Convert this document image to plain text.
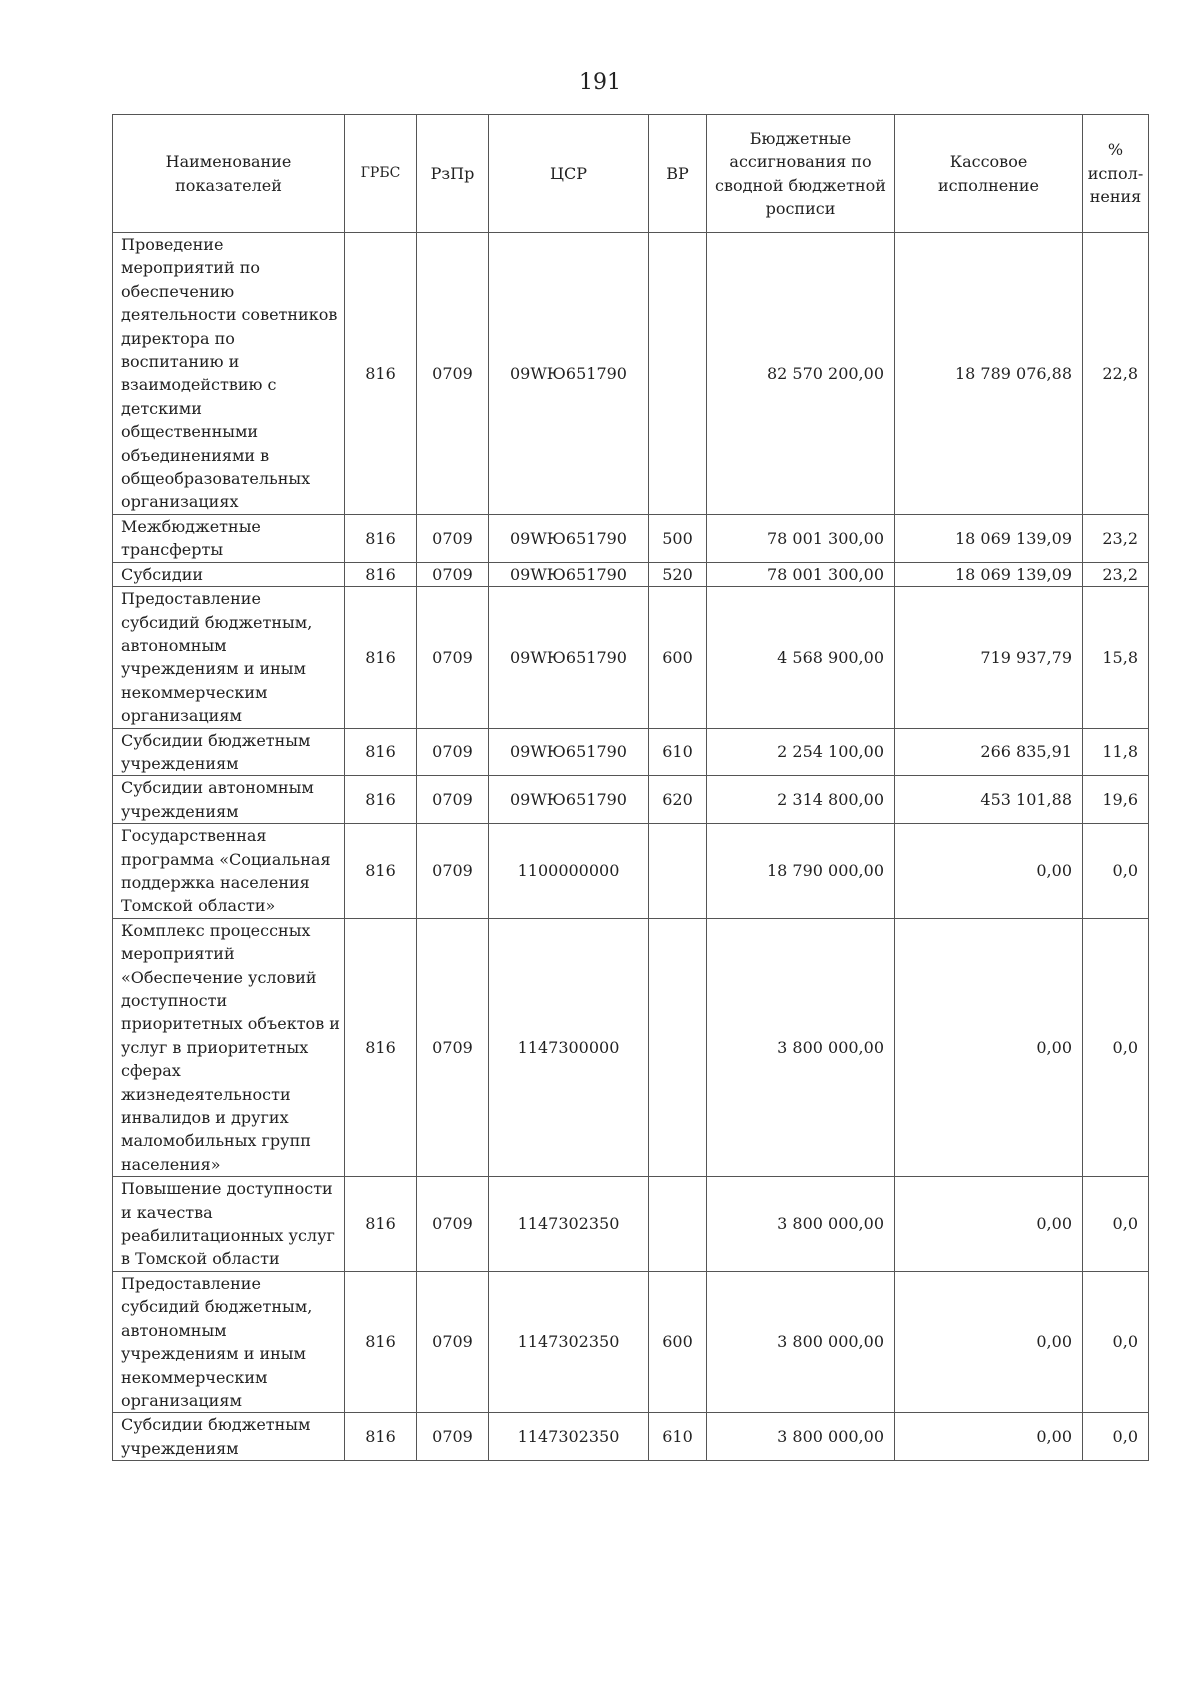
191
Наименование показателей	ГРБС	РзПр	ЦСР	ВР	Бюджетные ассигнования по сводной бюджетной росписи	Кассовое исполнение	% испол-нения
Проведение мероприятий по обеспечению деятельности советников директора по воспитанию и взаимодействию с детскими общественными объединениями в общеобразовательных организациях	816	0709	09WЮ651790		82 570 200,00	18 789 076,88	22,8
Межбюджетные трансферты	816	0709	09WЮ651790	500	78 001 300,00	18 069 139,09	23,2
Субсидии	816	0709	09WЮ651790	520	78 001 300,00	18 069 139,09	23,2
Предоставление субсидий бюджетным, автономным учреждениям и иным некоммерческим организациям	816	0709	09WЮ651790	600	4 568 900,00	719 937,79	15,8
Субсидии бюджетным учреждениям	816	0709	09WЮ651790	610	2 254 100,00	266 835,91	11,8
Субсидии автономным учреждениям	816	0709	09WЮ651790	620	2 314 800,00	453 101,88	19,6
Государственная программа «Социальная поддержка населения Томской области»	816	0709	1100000000		18 790 000,00	0,00	0,0
Комплекс процессных мероприятий «Обеспечение условий доступности приоритетных объектов и услуг в приоритетных сферах жизнедеятельности инвалидов и других маломобильных групп населения»	816	0709	1147300000		3 800 000,00	0,00	0,0
Повышение доступности и качества реабилитационных услуг в Томской области	816	0709	1147302350		3 800 000,00	0,00	0,0
Предоставление субсидий бюджетным, автономным учреждениям и иным некоммерческим организациям	816	0709	1147302350	600	3 800 000,00	0,00	0,0
Субсидии бюджетным учреждениям	816	0709	1147302350	610	3 800 000,00	0,00	0,0
